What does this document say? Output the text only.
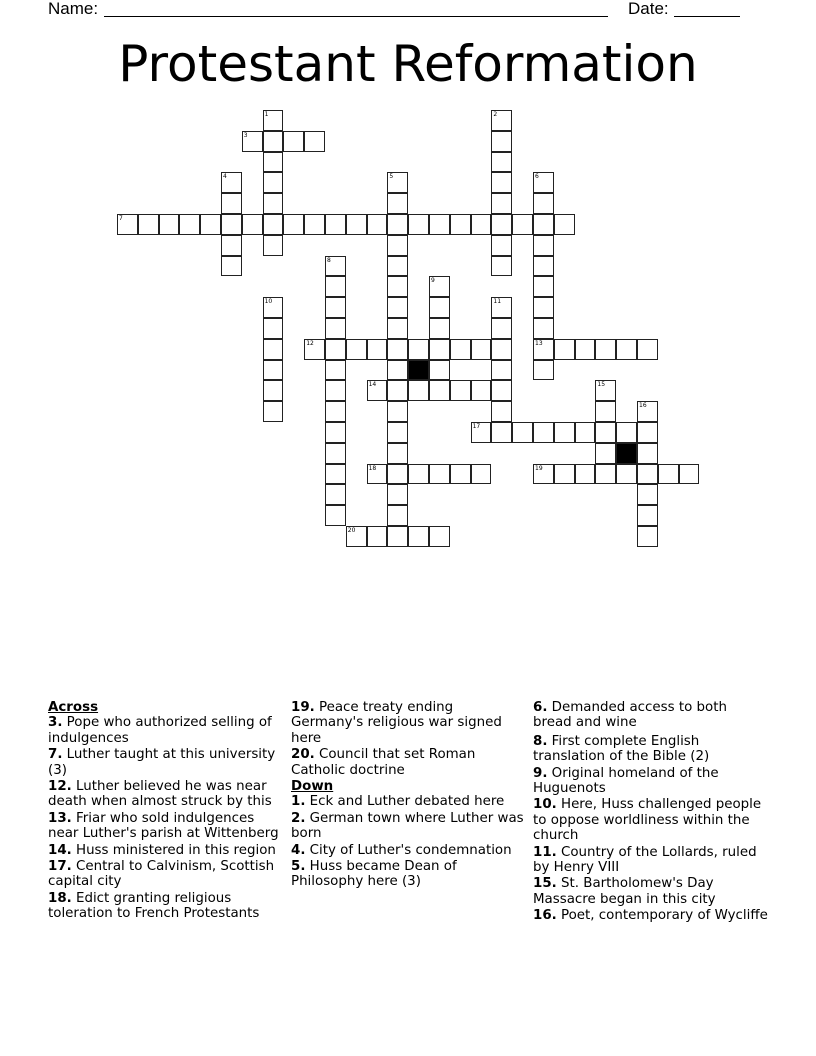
Name:	Date:
Protestant Reformation
1	2
3
4	5	6
13
7
8
9
10	11
12
14	15
16
17
18	19
20
Across
3. Pope who authorized selling of indulgences
7. Luther taught at this university (3)
12. Luther believed he was near death when almost struck by this
13. Friar who sold indulgences near Luther's parish at Wittenberg
14. Huss ministered in this region
17. Central to Calvinism, Scottish capital city
18. Edict granting religious toleration to French Protestants
19. Peace treaty ending Germany's religious war signed here
20. Council that set Roman Catholic doctrine
Down
1. Eck and Luther debated here
2. German town where Luther was born
4. City of Luther's condemnation
5. Huss became Dean of Philosophy here (3)
6. Demanded access to both bread and wine
8. First complete English translation of the Bible (2)
9. Original homeland of the Huguenots
10. Here, Huss challenged people to oppose worldliness within the church
11. Country of the Lollards, ruled by Henry VIII
15. St. Bartholomew's Day Massacre began in this city
16. Poet, contemporary of Wycliffe
